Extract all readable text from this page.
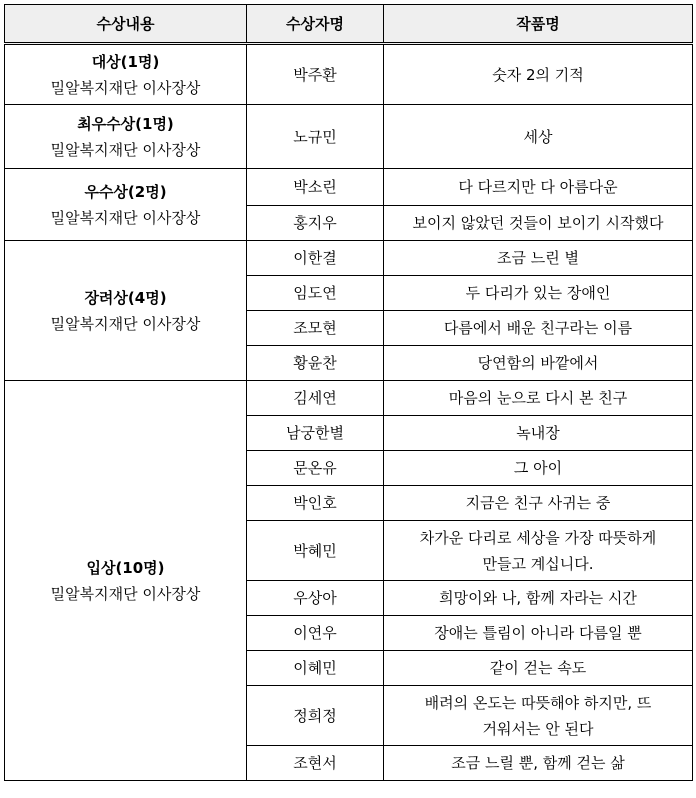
수상내용	수상자명	작품명

대상(1명)
밀알복지재단 이사장상	박주환	숫자 2의 기적

최우수상(1명)
밀알복지재단 이사장상	노규민	세상

우수상(2명)
밀알복지재단 이사장상	박소린	다 다르지만 다 아름다운
	홍지우	보이지 않았던 것들이 보이기 시작했다

장려상(4명)
밀알복지재단 이사장상	이한결	조금 느린 별
	임도연	두 다리가 있는 장애인
	조모현	다름에서 배운 친구라는 이름
	황윤찬	당연함의 바깥에서

입상(10명)
밀알복지재단 이사장상	김세연	마음의 눈으로 다시 본 친구
	남궁한별	녹내장
	문온유	그 아이
	박인호	지금은 친구 사귀는 중
	박혜민	차가운 다리로 세상을 가장 따뜻하게 만들고 계십니다.
	우상아	희망이와 나, 함께 자라는 시간
	이연우	장애는 틀림이 아니라 다름일 뿐
	이혜민	같이 걷는 속도
	정희정	배려의 온도는 따뜻해야 하지만, 뜨거워서는 안 된다
	조현서	조금 느릴 뿐, 함께 걷는 삶
